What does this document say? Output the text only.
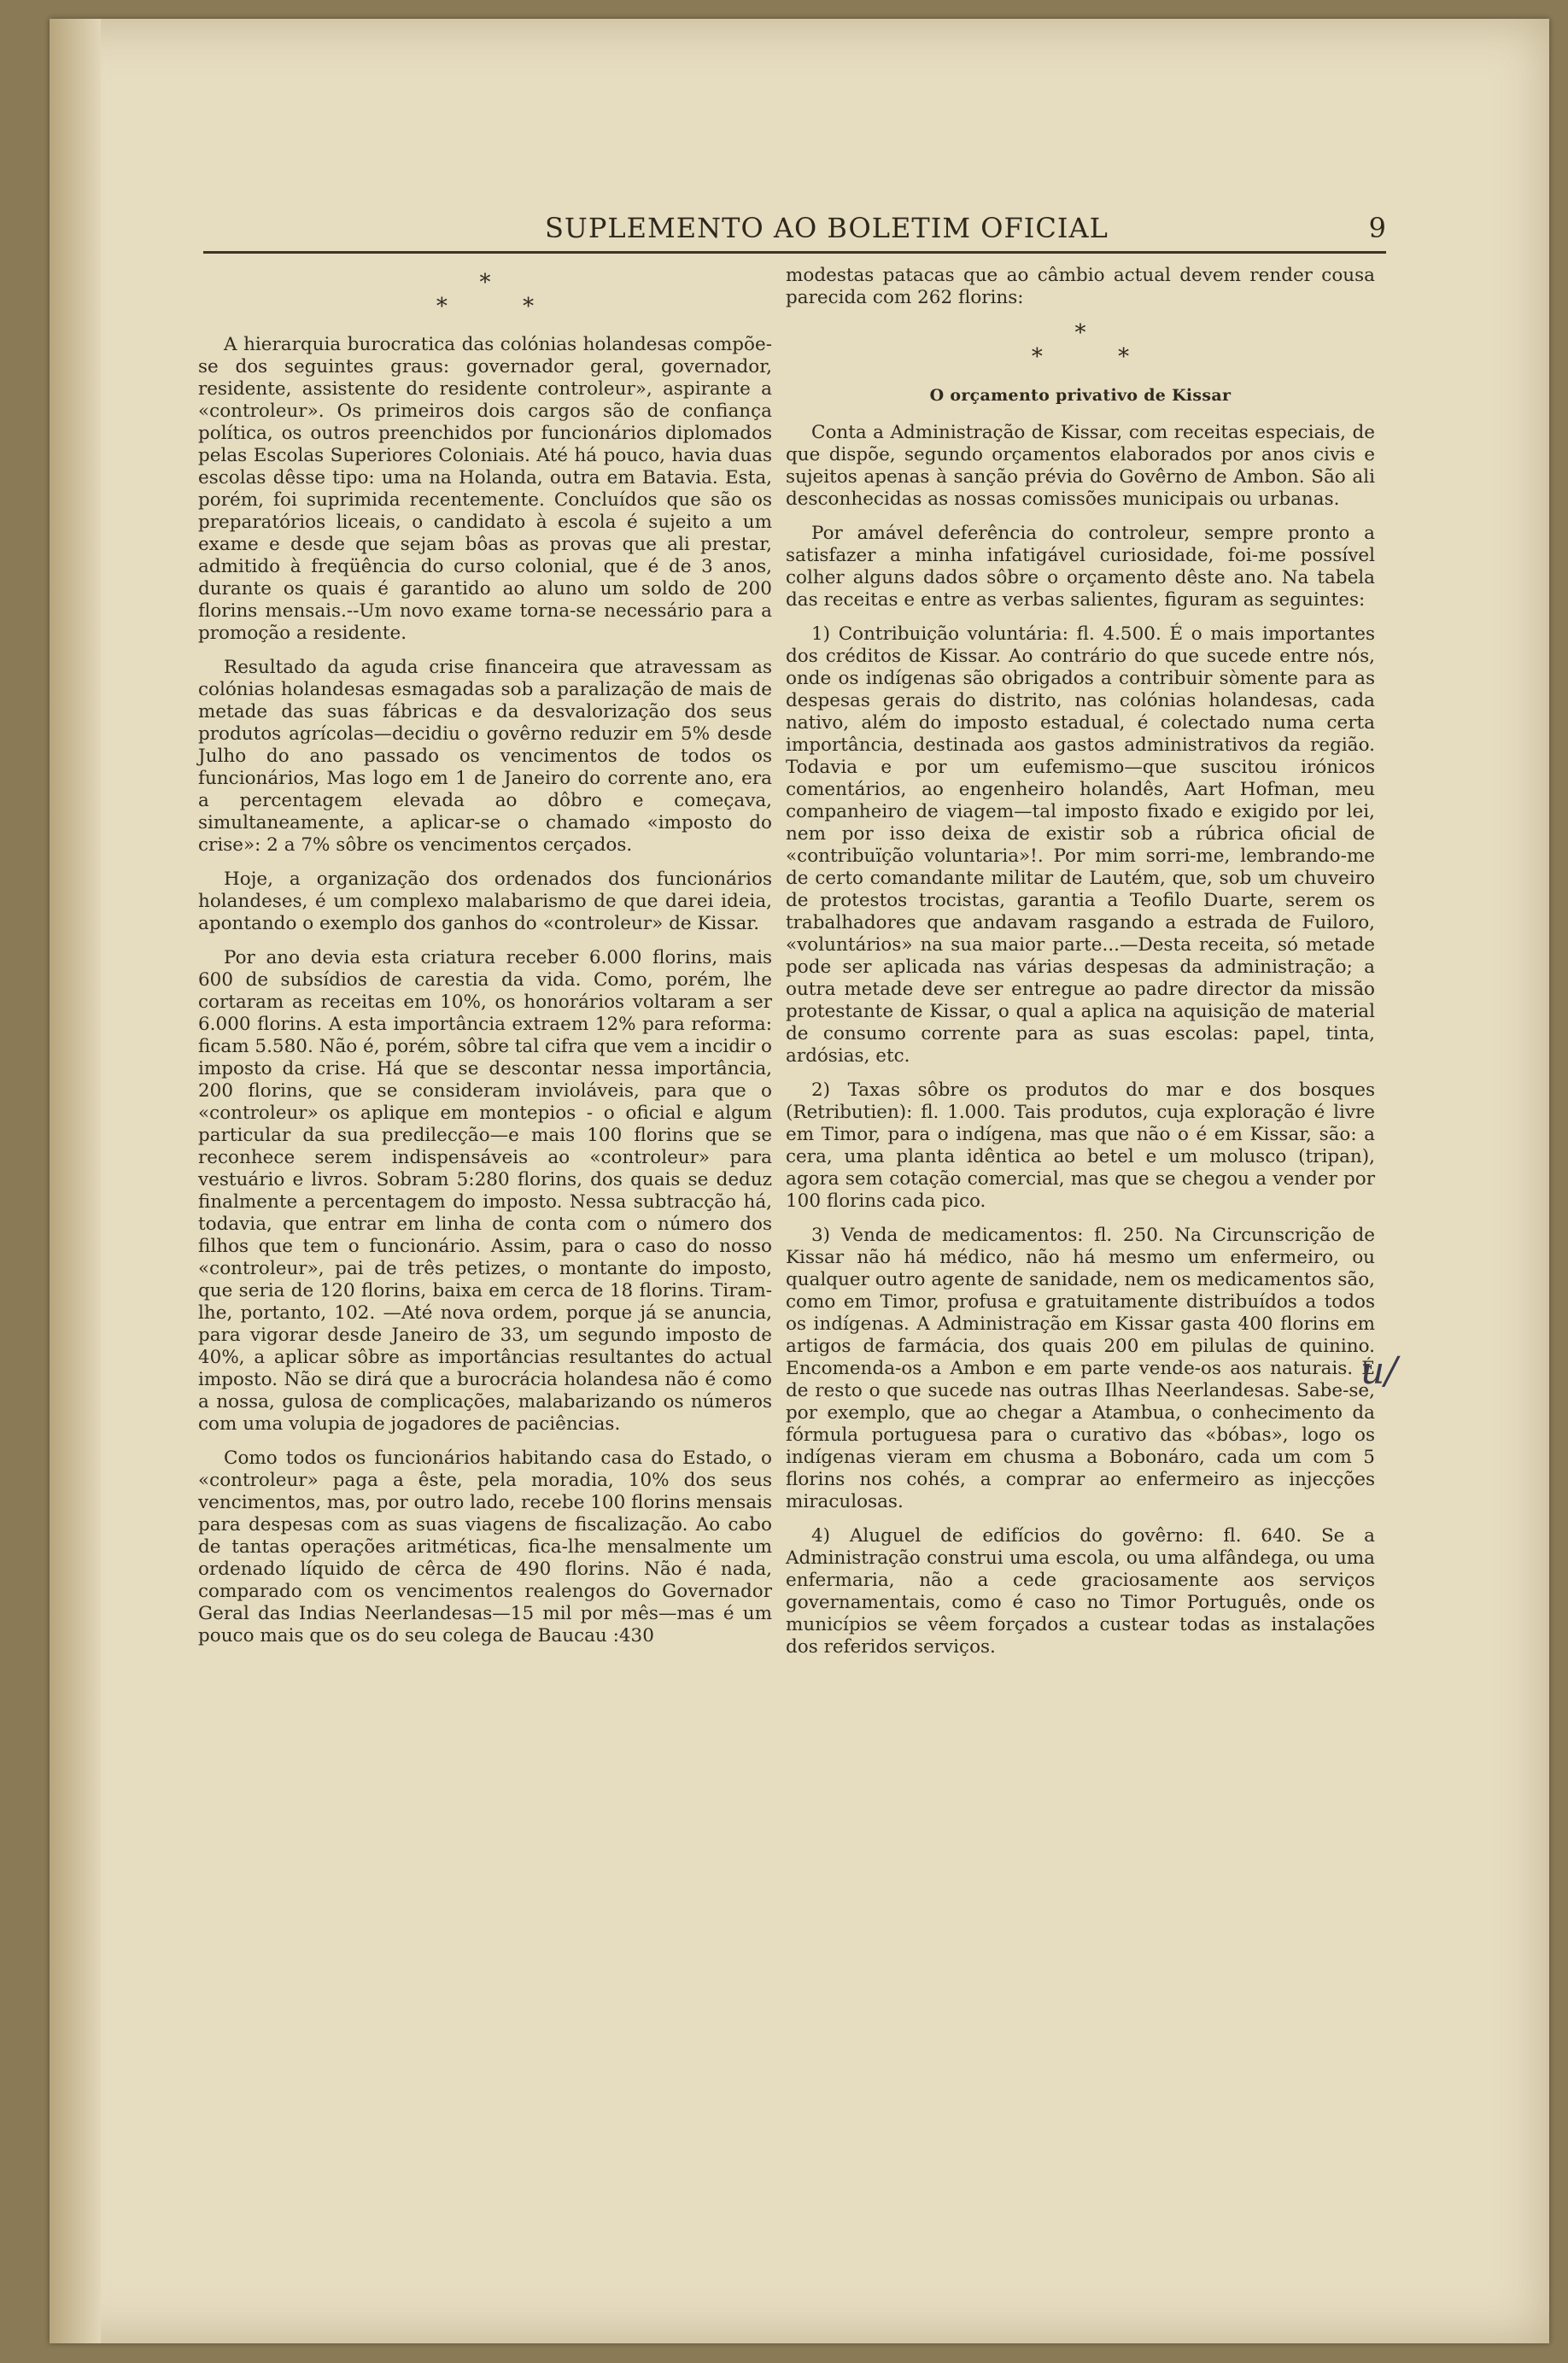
SUPLEMENTO AO BOLETIM OFICIAL	9
*
* *

A hierarquia burocratica das colónias holandesas compõe-se dos seguintes graus: governador geral, governador, residente, assistente do residente controleur», aspirante a «controleur». Os primeiros dois cargos são de confiança política, os outros preenchidos por funcionários diplomados pelas Escolas Superiores Coloniais. Até há pouco, havia duas escolas dêsse tipo: uma na Holanda, outra em Batavia. Esta, porém, foi suprimida recentemente. Concluídos que são os preparatórios liceais, o candidato à escola é sujeito a um exame e desde que sejam bôas as provas que ali prestar, admitido à freqüência do curso colonial, que é de 3 anos, durante os quais é garantido ao aluno um soldo de 200 florins mensais.--Um novo exame torna-se necessário para a promoção a residente.

Resultado da aguda crise financeira que atravessam as colónias holandesas esmagadas sob a paralização de mais de metade das suas fábricas e da desvalorização dos seus produtos agrícolas—decidiu o govêrno reduzir em 5% desde Julho do ano passado os vencimentos de todos os funcionários, Mas logo em 1 de Janeiro do corrente ano, era a percentagem elevada ao dôbro e começava, simultaneamente, a aplicar-se o chamado «imposto do crise»: 2 a 7% sôbre os vencimentos cerçados.

Hoje, a organização dos ordenados dos funcionários holandeses, é um complexo malabarismo de que darei ideia, apontando o exemplo dos ganhos do «controleur» de Kissar.

Por ano devia esta criatura receber 6.000 florins, mais 600 de subsídios de carestia da vida. Como, porém, lhe cortaram as receitas em 10%, os honorários voltaram a ser 6.000 florins. A esta importância extraem 12% para reforma: ficam 5.580. Não é, porém, sôbre tal cifra que vem a incidir o imposto da crise. Há que se descontar nessa importância, 200 florins, que se consideram invioláveis, para que o «controleur» os aplique em montepios - o oficial e algum particular da sua predilecção—e mais 100 florins que se reconhece serem indispensáveis ao «controleur» para vestuário e livros. Sobram 5:280 florins, dos quais se deduz finalmente a percentagem do imposto. Nessa subtracção há, todavia, que entrar em linha de conta com o número dos filhos que tem o funcionário. Assim, para o caso do nosso «controleur», pai de três petizes, o montante do imposto, que seria de 120 florins, baixa em cerca de 18 florins. Tiram-lhe, portanto, 102. —Até nova ordem, porque já se anuncia, para vigorar desde Janeiro de 33, um segundo imposto de 40%, a aplicar sôbre as importâncias resultantes do actual imposto. Não se dirá que a burocrácia holandesa não é como a nossa, gulosa de complicações, malabarizando os números com uma volupia de jogadores de paciências.

Como todos os funcionários habitando casa do Estado, o «controleur» paga a êste, pela moradia, 10% dos seus vencimentos, mas, por outro lado, recebe 100 florins mensais para despesas com as suas viagens de fiscalização. Ao cabo de tantas operações aritméticas, fica-lhe mensalmente um ordenado líquido de cêrca de 490 florins. Não é nada, comparado com os vencimentos realengos do Governador Geral das Indias Neerlandesas—15 mil por mês—mas é um pouco mais que os do seu colega de Baucau :430

modestas patacas que ao câmbio actual devem render cousa parecida com 262 florins:

*
* *
O orçamento privativo de Kissar

Conta a Administração de Kissar, com receitas especiais, de que dispõe, segundo orçamentos elaborados por anos civis e sujeitos apenas à sanção prévia do Govêrno de Ambon. São ali desconhecidas as nossas comissões municipais ou urbanas.

Por amável deferência do controleur, sempre pronto a satisfazer a minha infatigável curiosidade, foi-me possível colher alguns dados sôbre o orçamento dêste ano. Na tabela das receitas e entre as verbas salientes, figuram as seguintes:

1) Contribuição voluntária: fl. 4.500. É o mais importantes dos créditos de Kissar. Ao contrário do que sucede entre nós, onde os indígenas são obrigados a contribuir sòmente para as despesas gerais do distrito, nas colónias holandesas, cada nativo, além do imposto estadual, é colectado numa certa importância, destinada aos gastos administrativos da região. Todavia e por um eufemismo—que suscitou irónicos comentários, ao engenheiro holandês, Aart Hofman, meu companheiro de viagem—tal imposto fixado e exigido por lei, nem por isso deixa de existir sob a rúbrica oficial de «contribuïção voluntaria»!. Por mim sorri-me, lembrando-me de certo comandante militar de Lautém, que, sob um chuveiro de protestos trocistas, garantia a Teofilo Duarte, serem os trabalhadores que andavam rasgando a estrada de Fuiloro, «voluntários» na sua maior parte...—Desta receita, só metade pode ser aplicada nas várias despesas da administração; a outra metade deve ser entregue ao padre director da missão protestante de Kissar, o qual a aplica na aquisição de material de consumo corrente para as suas escolas: papel, tinta, ardósias, etc.

2) Taxas sôbre os produtos do mar e dos bosques (Retributien): fl. 1.000. Tais produtos, cuja exploração é livre em Timor, para o indígena, mas que não o é em Kissar, são: a cera, uma planta idêntica ao betel e um molusco (tripan), agora sem cotação comercial, mas que se chegou a vender por 100 florins cada pico.

3) Venda de medicamentos: fl. 250. Na Circunscrição de Kissar não há médico, não há mesmo um enfermeiro, ou qualquer outro agente de sanidade, nem os medicamentos são, como em Timor, profusa e gratuitamente distribuídos a todos os indígenas. A Administração em Kissar gasta 400 florins em artigos de farmácia, dos quais 200 em pilulas de quinino. Encomenda-os a Ambon e em parte vende-os aos naturais. É de resto o que sucede nas outras Ilhas Neerlandesas. Sabe-se, por exemplo, que ao chegar a Atambua, o conhecimento da fórmula portuguesa para o curativo das «bóbas», logo os indígenas vieram em chusma a Bobonáro, cada um com 5 florins nos cohés, a comprar ao enfermeiro as injecções miraculosas.

4) Aluguel de edifícios do govêrno: fl. 640. Se a Administração construi uma escola, ou uma alfândega, ou uma enfermaria, não a cede graciosamente aos serviços governamentais, como é caso no Timor Português, onde os municípios se vêem forçados a custear todas as instalações dos referidos serviços.

u/
